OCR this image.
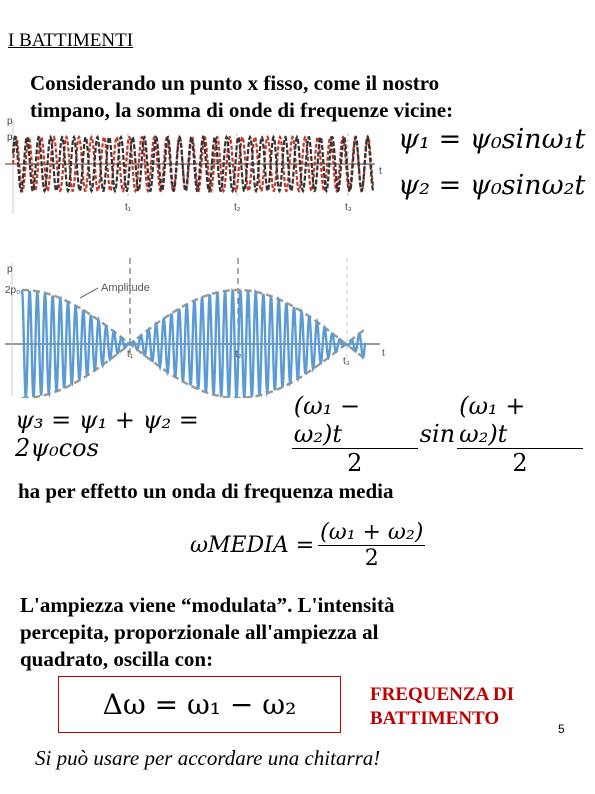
I BATTIMENTI
Considerando un punto x fisso, come il nostro
timpano, la somma di onde di frequenze vicine:
p
p₀
t
t₁	t₂	t₃
ψ₁ = ψ₀sinω₁t
ψ₂ = ψ₀sinω₂t
Amplitude
p
2p₀
t
t₁	t₂
t₃
ψ₃ = ψ₁ + ψ₂ = 2ψ₀cos	$\frac{\text{(ω₁ − ω₂)t}}{2}$ $\sin \frac{\text{(ω₁ + ω₂)t}}{2}$
ha per effetto un onda di frequenza media
ωMEDIA = $\frac{\text{(ω₁ + ω₂)}}{2}$
L'ampiezza viene “modulata”. L'intensità
percepita, proporzionale all'ampiezza al
quadrato, oscilla con:
Δω = ω₁ − ω₂	FREQUENZA DI
BATTIMENTO	5
Si può usare per accordare una chitarra!
